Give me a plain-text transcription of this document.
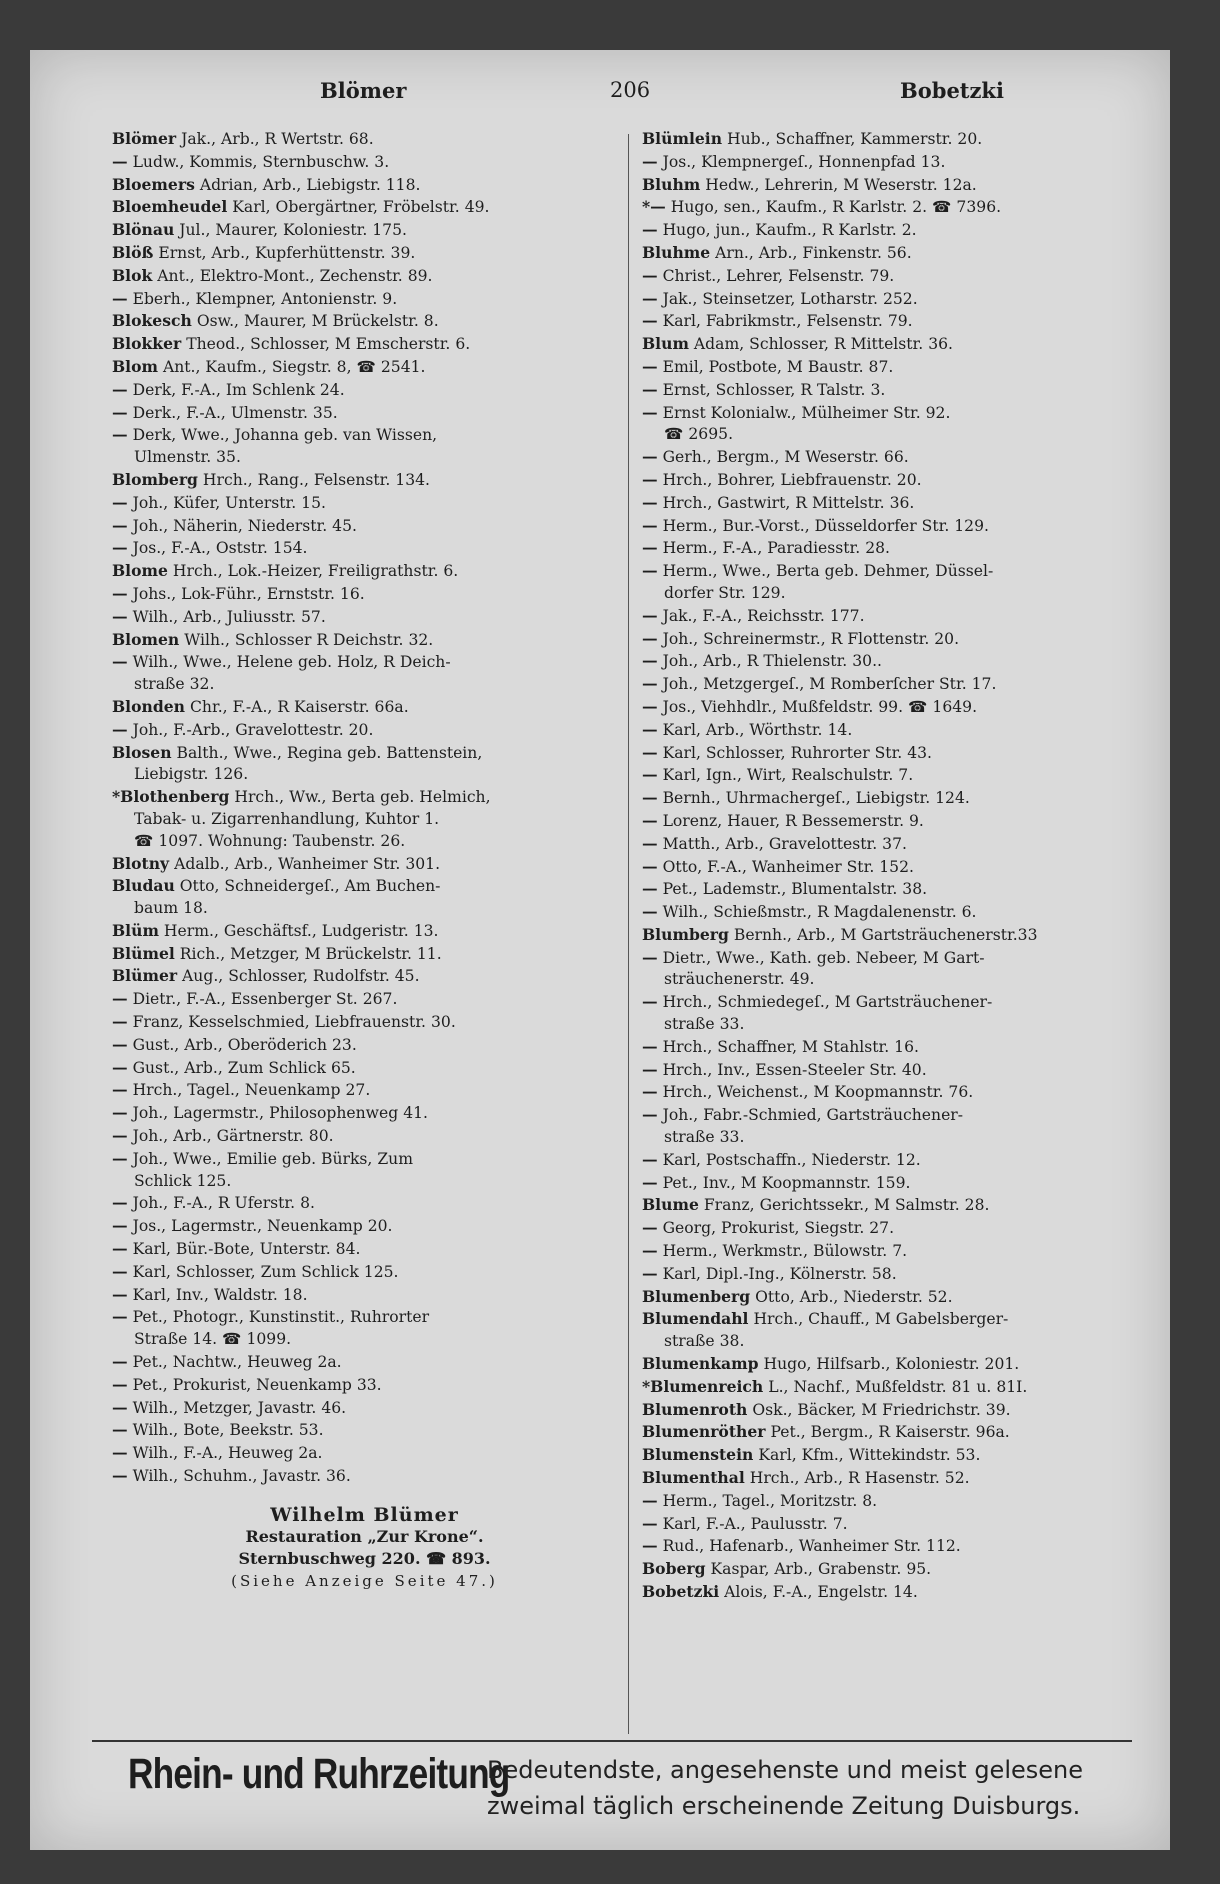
Blömer	206	Bobetzki
Blömer Jak., Arb., R Wertstr. 68.
— Ludw., Kommis, Sternbuschw. 3.
Bloemers Adrian, Arb., Liebigstr. 118.
Bloemheudel Karl, Obergärtner, Fröbelstr. 49.
Blönau Jul., Maurer, Koloniestr. 175.
Blöß Ernst, Arb., Kupferhüttenstr. 39.
Blok Ant., Elektro-Mont., Zechenstr. 89.
— Eberh., Klempner, Antonienstr. 9.
Blokesch Osw., Maurer, M Brückelstr. 8.
Blokker Theod., Schlosser, M Emscherstr. 6.
Blom Ant., Kaufm., Siegstr. 8, ☎ 2541.
— Derk, F.-A., Im Schlenk 24.
— Derk., F.-A., Ulmenstr. 35.
— Derk, Wwe., Johanna geb. van Wissen,
Ulmenstr. 35.
Blomberg Hrch., Rang., Felsenstr. 134.
— Joh., Küfer, Unterstr. 15.
— Joh., Näherin, Niederstr. 45.
— Jos., F.-A., Oststr. 154.
Blome Hrch., Lok.-Heizer, Freiligrathstr. 6.
— Johs., Lok-Führ., Ernststr. 16.
— Wilh., Arb., Juliusstr. 57.
Blomen Wilh., Schlosser R Deichstr. 32.
— Wilh., Wwe., Helene geb. Holz, R Deich-
straße 32.
Blonden Chr., F.-A., R Kaiserstr. 66a.
— Joh., F.-Arb., Gravelottestr. 20.
Blosen Balth., Wwe., Regina geb. Battenstein,
Liebigstr. 126.
*Blothenberg Hrch., Ww., Berta geb. Helmich,
Tabak- u. Zigarrenhandlung, Kuhtor 1.
☎ 1097. Wohnung: Taubenstr. 26.
Blotny Adalb., Arb., Wanheimer Str. 301.
Bludau Otto, Schneidergeſ., Am Buchen-
baum 18.
Blüm Herm., Geschäftsf., Ludgeristr. 13.
Blümel Rich., Metzger, M Brückelstr. 11.
Blümer Aug., Schlosser, Rudolfstr. 45.
— Dietr., F.-A., Essenberger St. 267.
— Franz, Kesselschmied, Liebfrauenstr. 30.
— Gust., Arb., Oberöderich 23.
— Gust., Arb., Zum Schlick 65.
— Hrch., Tagel., Neuenkamp 27.
— Joh., Lagermstr., Philosophenweg 41.
— Joh., Arb., Gärtnerstr. 80.
— Joh., Wwe., Emilie geb. Bürks, Zum
Schlick 125.
— Joh., F.-A., R Uferstr. 8.
— Jos., Lagermstr., Neuenkamp 20.
— Karl, Bür.-Bote, Unterstr. 84.
— Karl, Schlosser, Zum Schlick 125.
— Karl, Inv., Waldstr. 18.
— Pet., Photogr., Kunstinstit., Ruhrorter
Straße 14. ☎ 1099.
— Pet., Nachtw., Heuweg 2a.
— Pet., Prokurist, Neuenkamp 33.
— Wilh., Metzger, Javastr. 46.
— Wilh., Bote, Beekstr. 53.
— Wilh., F.-A., Heuweg 2a.
— Wilh., Schuhm., Javastr. 36.
Wilhelm Blümer
Restauration „Zur Krone“.
Sternbuschweg 220. ☎ 893.
(Siehe Anzeige Seite 47.)
Blümlein Hub., Schaffner, Kammerstr. 20.
— Jos., Klempnergeſ., Honnenpfad 13.
Bluhm Hedw., Lehrerin, M Weserstr. 12a.
*— Hugo, sen., Kaufm., R Karlstr. 2. ☎ 7396.
— Hugo, jun., Kaufm., R Karlstr. 2.
Bluhme Arn., Arb., Finkenstr. 56.
— Christ., Lehrer, Felsenstr. 79.
— Jak., Steinsetzer, Lotharstr. 252.
— Karl, Fabrikmstr., Felsenstr. 79.
Blum Adam, Schlosser, R Mittelstr. 36.
— Emil, Postbote, M Baustr. 87.
— Ernst, Schlosser, R Talstr. 3.
— Ernst Kolonialw., Mülheimer Str. 92.
☎ 2695.
— Gerh., Bergm., M Weserstr. 66.
— Hrch., Bohrer, Liebfrauenstr. 20.
— Hrch., Gastwirt, R Mittelstr. 36.
— Herm., Bur.-Vorst., Düsseldorfer Str. 129.
— Herm., F.-A., Paradiesstr. 28.
— Herm., Wwe., Berta geb. Dehmer, Düssel-
dorfer Str. 129.
— Jak., F.-A., Reichsstr. 177.
— Joh., Schreinermstr., R Flottenstr. 20.
— Joh., Arb., R Thielenstr. 30..
— Joh., Metzgergeſ., M Romberſcher Str. 17.
— Jos., Viehhdlr., Mußfeldstr. 99. ☎ 1649.
— Karl, Arb., Wörthstr. 14.
— Karl, Schlosser, Ruhrorter Str. 43.
— Karl, Ign., Wirt, Realschulstr. 7.
— Bernh., Uhrmachergeſ., Liebigstr. 124.
— Lorenz, Hauer, R Bessemerstr. 9.
— Matth., Arb., Gravelottestr. 37.
— Otto, F.-A., Wanheimer Str. 152.
— Pet., Lademstr., Blumentalstr. 38.
— Wilh., Schießmstr., R Magdalenenstr. 6.
Blumberg Bernh., Arb., M Gartsträuchenerstr.33
— Dietr., Wwe., Kath. geb. Nebeer, M Gart-
sträuchenerstr. 49.
— Hrch., Schmiedegeſ., M Gartsträuchener-
straße 33.
— Hrch., Schaffner, M Stahlstr. 16.
— Hrch., Inv., Essen-Steeler Str. 40.
— Hrch., Weichenst., M Koopmannstr. 76.
— Joh., Fabr.-Schmied, Gartsträuchener-
straße 33.
— Karl, Postschaffn., Niederstr. 12.
— Pet., Inv., M Koopmannstr. 159.
Blume Franz, Gerichtssekr., M Salmstr. 28.
— Georg, Prokurist, Siegstr. 27.
— Herm., Werkmstr., Bülowstr. 7.
— Karl, Dipl.-Ing., Kölnerstr. 58.
Blumenberg Otto, Arb., Niederstr. 52.
Blumendahl Hrch., Chauff., M Gabelsberger-
straße 38.
Blumenkamp Hugo, Hilfsarb., Koloniestr. 201.
*Blumenreich L., Nachf., Mußfeldstr. 81 u. 81I.
Blumenroth Osk., Bäcker, M Friedrichstr. 39.
Blumenröther Pet., Bergm., R Kaiserstr. 96a.
Blumenstein Karl, Kfm., Wittekindstr. 53.
Blumenthal Hrch., Arb., R Hasenstr. 52.
— Herm., Tagel., Moritzstr. 8.
— Karl, F.-A., Paulusstr. 7.
— Rud., Hafenarb., Wanheimer Str. 112.
Boberg Kaspar, Arb., Grabenstr. 95.
Bobetzki Alois, F.-A., Engelstr. 14.
Rhein- und Ruhrzeitung
Bedeutendste, angesehenste und meist gelesene
zweimal täglich erscheinende Zeitung Duisburgs.
